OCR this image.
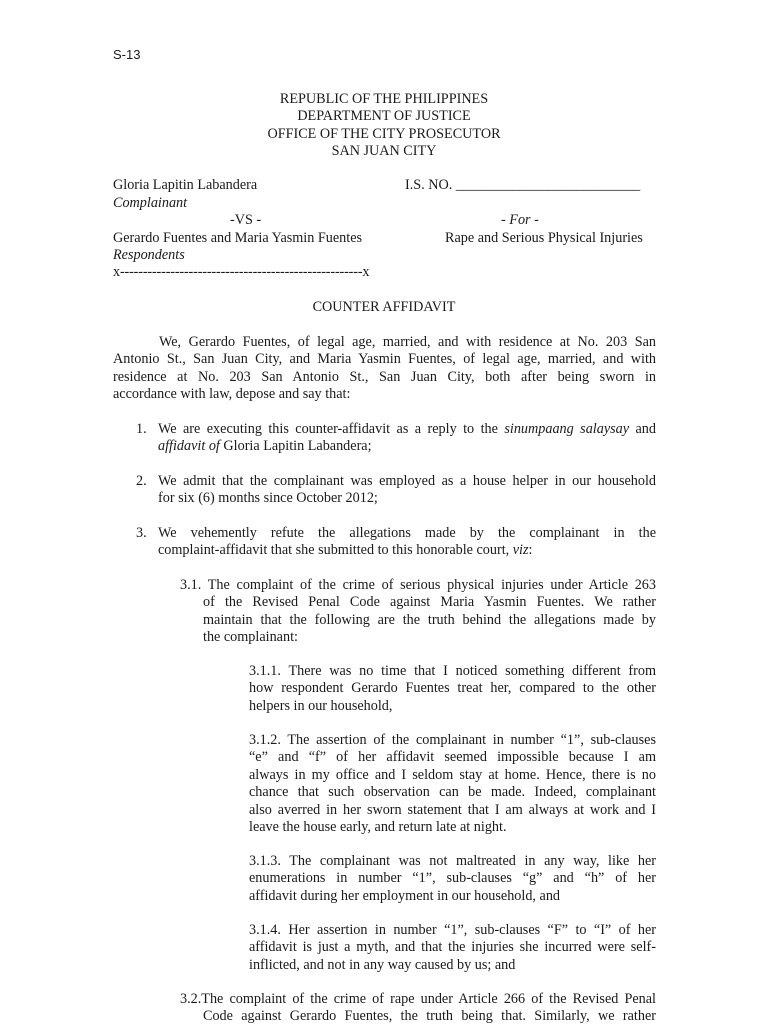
S-13
REPUBLIC OF THE PHILIPPINES
DEPARTMENT OF JUSTICE
OFFICE OF THE CITY PROSECUTOR
SAN JUAN CITY
Gloria Lapitin Labandera	I.S. NO. __________________________
Complainant
-VS -	- For -
Gerardo Fuentes and Maria Yasmin Fuentes	Rape and Serious Physical Injuries
Respondents
x-----------------------------------------------------x
COUNTER AFFIDAVIT
We, Gerardo Fuentes, of legal age, married, and with residence at No. 203 San
Antonio St., San Juan City, and Maria Yasmin Fuentes, of legal age, married, and with
residence at No. 203 San Antonio St., San Juan City, both after being sworn in
accordance with law, depose and say that:
1. We are executing this counter-affidavit as a reply to the sinumpaang salaysay and
affidavit of Gloria Lapitin Labandera;
2. We admit that the complainant was employed as a house helper in our household
for six (6) months since October 2012;
3. We vehemently refute the allegations made by the complainant in the
complaint-affidavit that she submitted to this honorable court, viz:
3.1. The complaint of the crime of serious physical injuries under Article 263
of the Revised Penal Code against Maria Yasmin Fuentes. We rather
maintain that the following are the truth behind the allegations made by
the complainant:
3.1.1. There was no time that I noticed something different from
how respondent Gerardo Fuentes treat her, compared to the other
helpers in our household,
3.1.2. The assertion of the complainant in number “1”, sub-clauses
“e” and “f” of her affidavit seemed impossible because I am
always in my office and I seldom stay at home. Hence, there is no
chance that such observation can be made. Indeed, complainant
also averred in her sworn statement that I am always at work and I
leave the house early, and return late at night.
3.1.3. The complainant was not maltreated in any way, like her
enumerations in number “1”, sub-clauses “g” and “h” of her
affidavit during her employment in our household, and
3.1.4. Her assertion in number “1”, sub-clauses “F” to “I” of her
affidavit is just a myth, and that the injuries she incurred were self-
inflicted, and not in any way caused by us; and
3.2.The complaint of the crime of rape under Article 266 of the Revised Penal
Code against Gerardo Fuentes, the truth being that. Similarly, we rather
